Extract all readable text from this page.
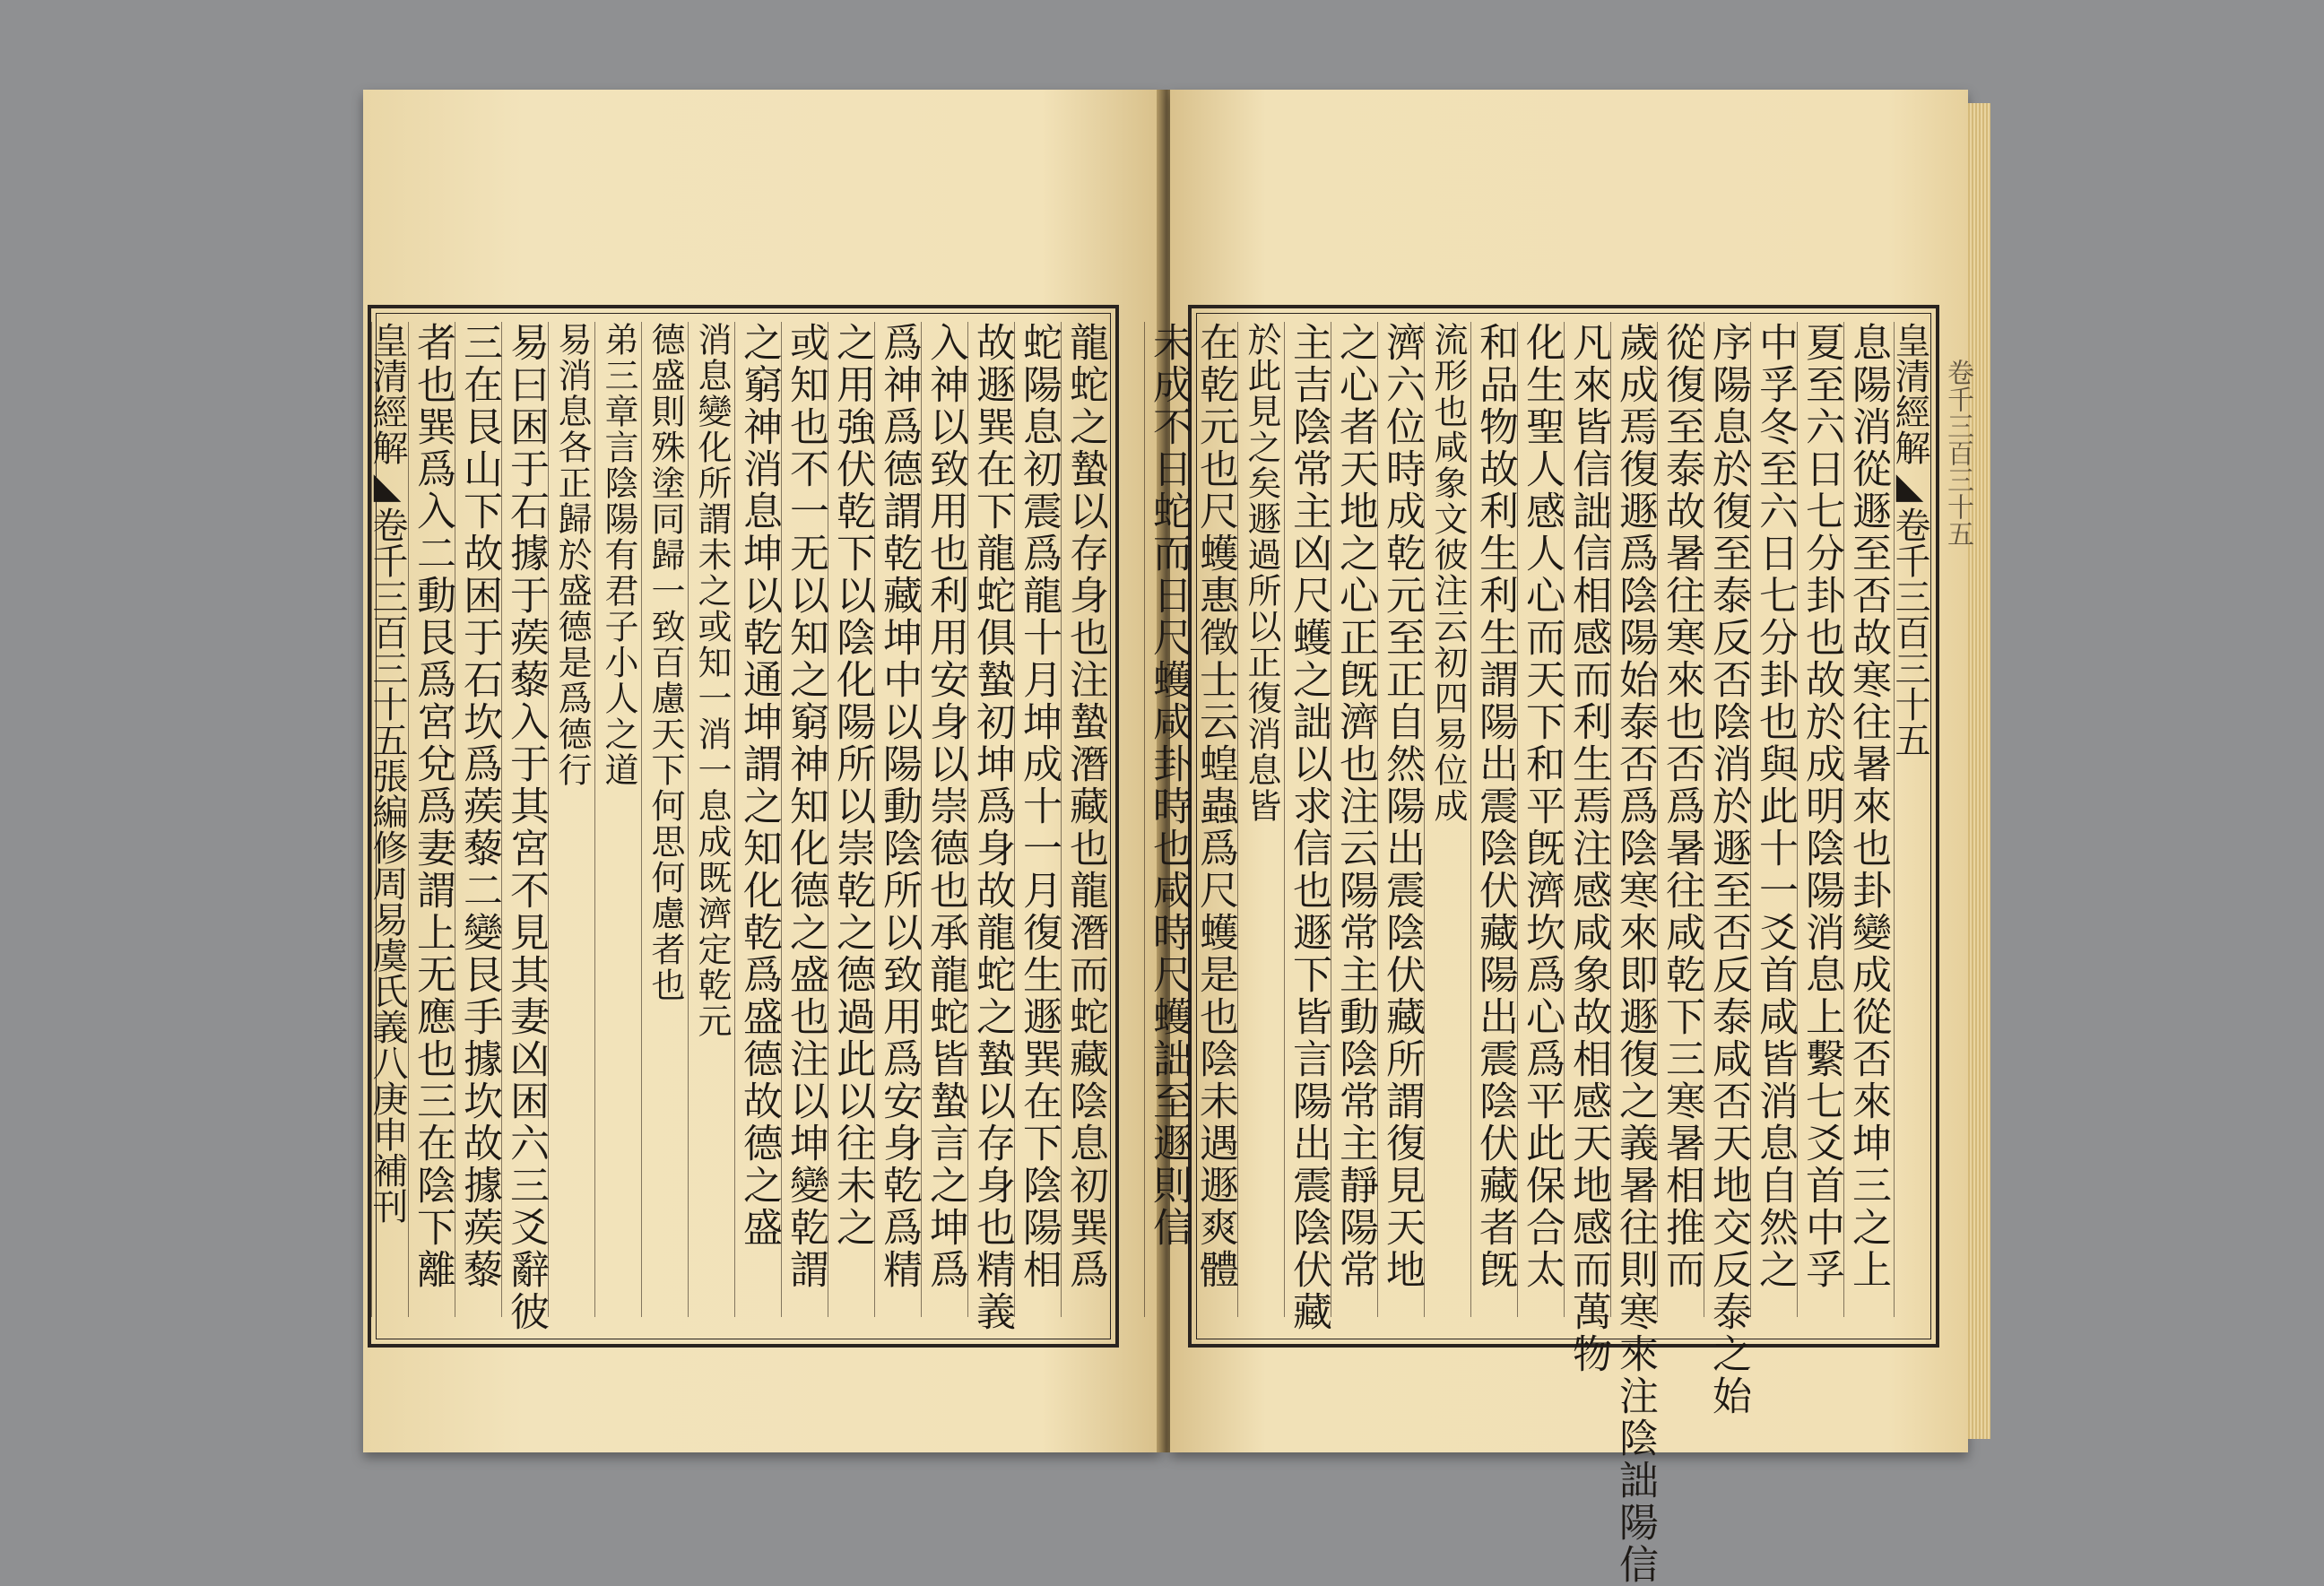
龍蛇之蟄以存身也注蟄潛藏也龍潛而蛇藏陰息初巽爲
蛇陽息初震爲龍十月坤成十一月復生遯巽在下陰陽相
故遯巽在下龍蛇俱蟄初坤爲身故龍蛇之蟄以存身也精義
入神以致用也利用安身以崇德也承龍蛇皆蟄言之坤爲
爲神爲德謂乾藏坤中以陽動陰所以致用爲安身乾爲精
之用強伏乾下以陰化陽所以崇乾之德過此以往未之
或知也不一无以知之窮神知化德之盛也注以坤變乾謂
之窮神消息坤以乾通坤謂之知化乾爲盛德故德之盛
消息變化所謂未之或知一消一息成既濟定乾元
德盛則殊塗同歸一致百慮天下何思何慮者也
弟三章言陰陽有君子小人之道
易消息各正歸於盛德是爲德行
易曰困于石據于蒺藜入于其宮不見其妻凶困六三爻辭彼
三在艮山下故困于石坎爲蒺藜二變艮手據坎故據蒺藜
者也巽爲入二動艮爲宮兌爲妻謂上无應也三在陰下離
皇清經解◣卷千三百三十五張編修周易虞氏義八庚申補刊
皇清經解◣卷千三百三十五
息陽消從遯至否故寒往暑來也卦變成從否來坤三之上
夏至六日七分卦也故於成明陰陽消息上繫七爻首中孚
中孚冬至六日七分卦也與此十一爻首咸皆消息自然之
序陽息於復至泰反否陰消於遯至否反泰咸否天地交反泰之始
從復至泰故暑往寒來也否爲暑往咸乾下三寒暑相推而
歲成焉復遯爲陰陽始泰否爲陰寒來即遯復之義暑往則寒來注陰詘陽信
凡來皆信詘信相感而利生焉注感咸象故相感天地感而萬物
化生聖人感人心而天下和平旣濟坎爲心爲平此保合太
和品物故利生利生謂陽出震陰伏藏陽出震陰伏藏者旣
流形也咸象文彼注云初四易位成
濟六位時成乾元至正自然陽出震陰伏藏所謂復見天地
之心者天地之心正旣濟也注云陽常主動陰常主靜陽常
主吉陰常主凶尺蠖之詘以求信也遯下皆言陽出震陰伏藏
於此見之矣遯過所以正復消息皆
在乾元也尺蠖惠徵士云蝗蟲爲尺蠖是也陰未遇遯爽體
未成不日蛇而日尺蠖咸卦時也咸時尺蠖詘至遯則信	卷千三百三十五
